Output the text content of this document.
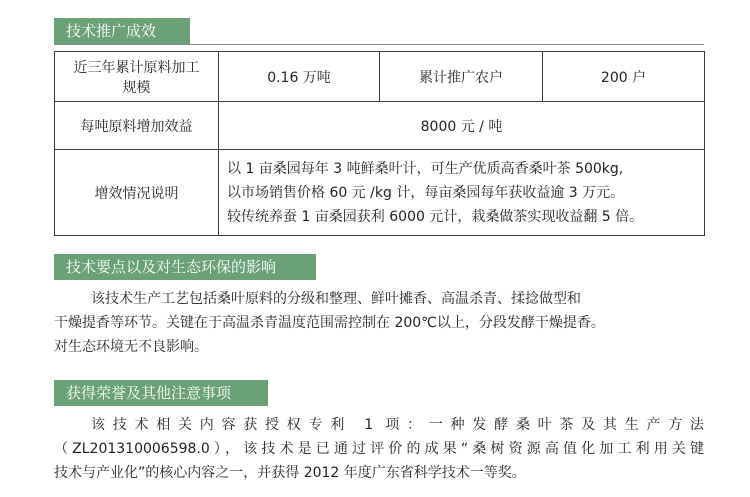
技术推广成效
近三年累计原料加工
规模	0.16 万吨	累计推广农户	200 户
每吨原料增加效益	8000 元 / 吨		
增效情况说明	以 1 亩桑园每年 3 吨鲜桑叶计，可生产优质高香桑叶茶 500kg,
以市场销售价格 60 元 /kg 计，每亩桑园每年获收益逾 3 万元。
较传统养蚕 1 亩桑园获利 6000 元计，栽桑做茶实现收益翻 5 倍。		
技术要点以及对生态环保的影响
该技术生产工艺包括桑叶原料的分级和整理、鲜叶摊香、高温杀青、揉捻做型和
干燥提香等环节。关键在于高温杀青温度范围需控制在 200℃以上，分段发酵干燥提香。
对生态环境无不良影响。
获得荣誉及其他注意事项
该技术相关内容获授权专利 1 项：一种发酵桑叶茶及其生产方法
（ZL201310006598.0），该技术是已通过评价的成果“桑树资源高值化加工利用关键
技术与产业化”的核心内容之一，并获得 2012 年度广东省科学技术一等奖。
